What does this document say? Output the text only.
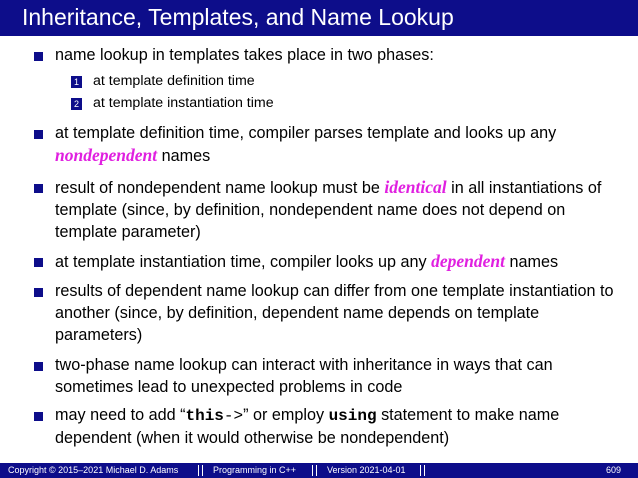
Inheritance, Templates, and Name Lookup
name lookup in templates takes place in two phases:
1 at template definition time
2 at template instantiation time
at template definition time, compiler parses template and looks up any
nondependent names
result of nondependent name lookup must be identical in all instantiations of template (since, by definition, nondependent name does not depend on template parameter)
at template instantiation time, compiler looks up any dependent names
results of dependent name lookup can differ from one template instantiation to another (since, by definition, dependent name depends on template parameters)
two-phase name lookup can interact with inheritance in ways that can sometimes lead to unexpected problems in code
may need to add “this->” or employ using statement to make name dependent (when it would otherwise be nondependent)
Copyright © 2015–2021 Michael D. Adams	Programming in C++	Version 2021-04-01	609
